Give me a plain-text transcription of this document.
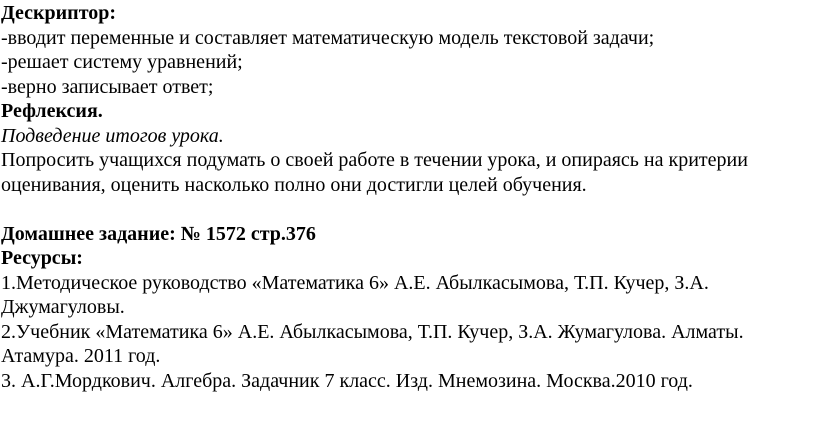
Дескриптор:
-вводит переменные и составляет математическую модель текстовой задачи;
-решает систему уравнений;
-верно записывает ответ;
Рефлексия.
Подведение итогов урока.
Попросить учащихся подумать о своей работе в течении урока, и опираясь на критерии
оценивания, оценить насколько полно они достигли целей обучения.
Домашнее задание: № 1572 стр.376
Ресурсы:
1.Методическое руководство «Математика 6» А.Е. Абылкасымова, Т.П. Кучер, З.А.
Джумагуловы.
2.Учебник «Математика 6» А.Е. Абылкасымова, Т.П. Кучер, З.А. Жумагулова. Алматы.
Атамура. 2011 год.
3. А.Г.Мордкович. Алгебра. Задачник 7 класс. Изд. Мнемозина. Москва.2010 год.
